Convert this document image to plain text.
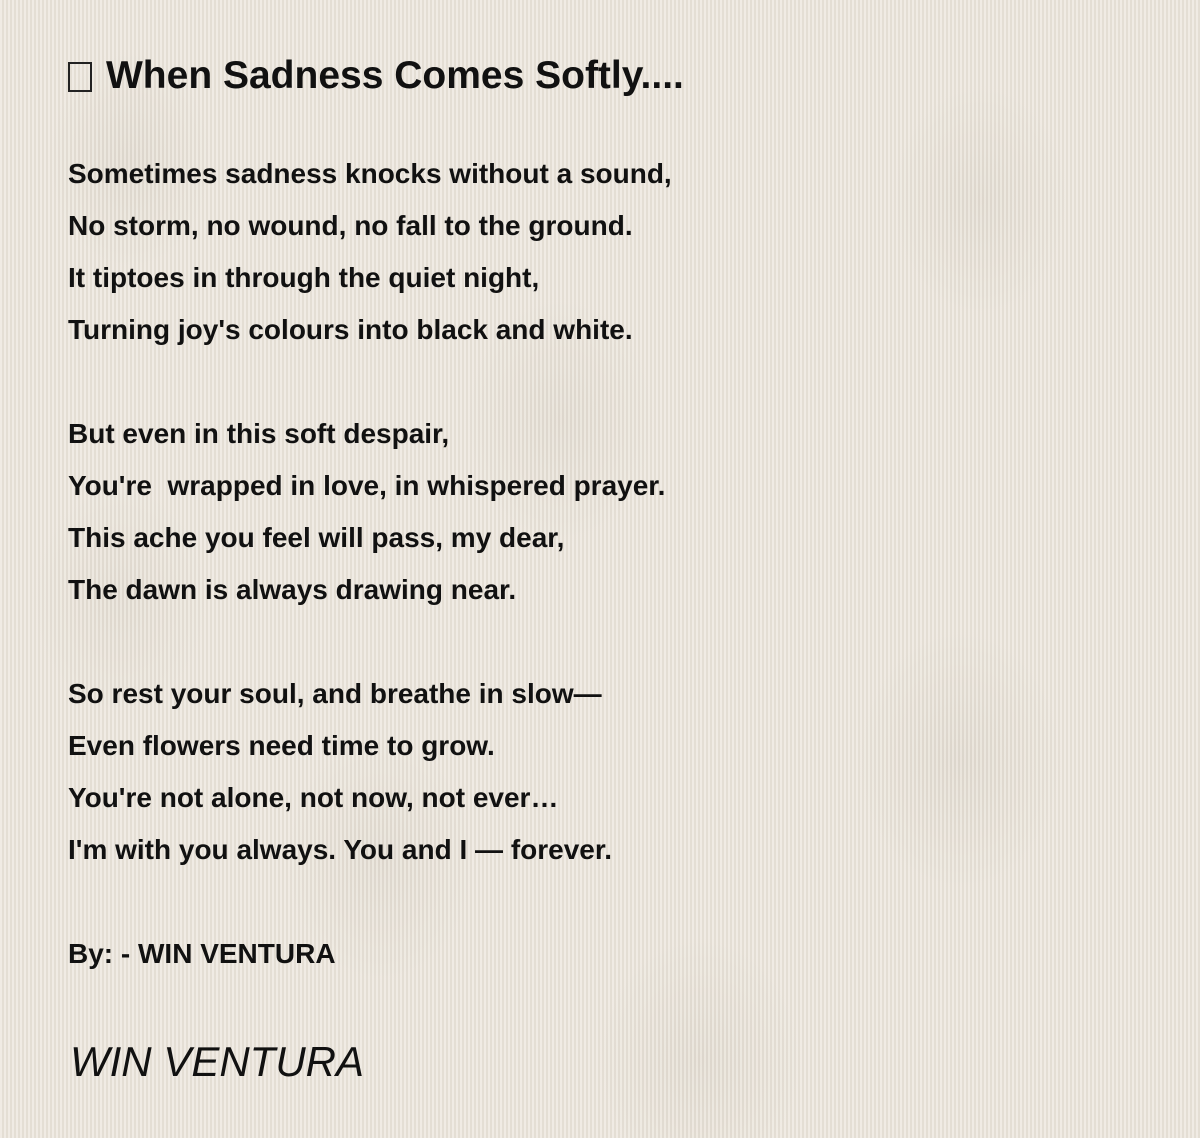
When Sadness Comes Softly....
Sometimes sadness knocks without a sound,
No storm, no wound, no fall to the ground.
It tiptoes in through the quiet night,
Turning joy's colours into black and white.
But even in this soft despair,
You're  wrapped in love, in whispered prayer.
This ache you feel will pass, my dear,
The dawn is always drawing near.
So rest your soul, and breathe in slow—
Even flowers need time to grow.
You're not alone, not now, not ever…
I'm with you always. You and I — forever.
By: - WIN VENTURA
WIN VENTURA
